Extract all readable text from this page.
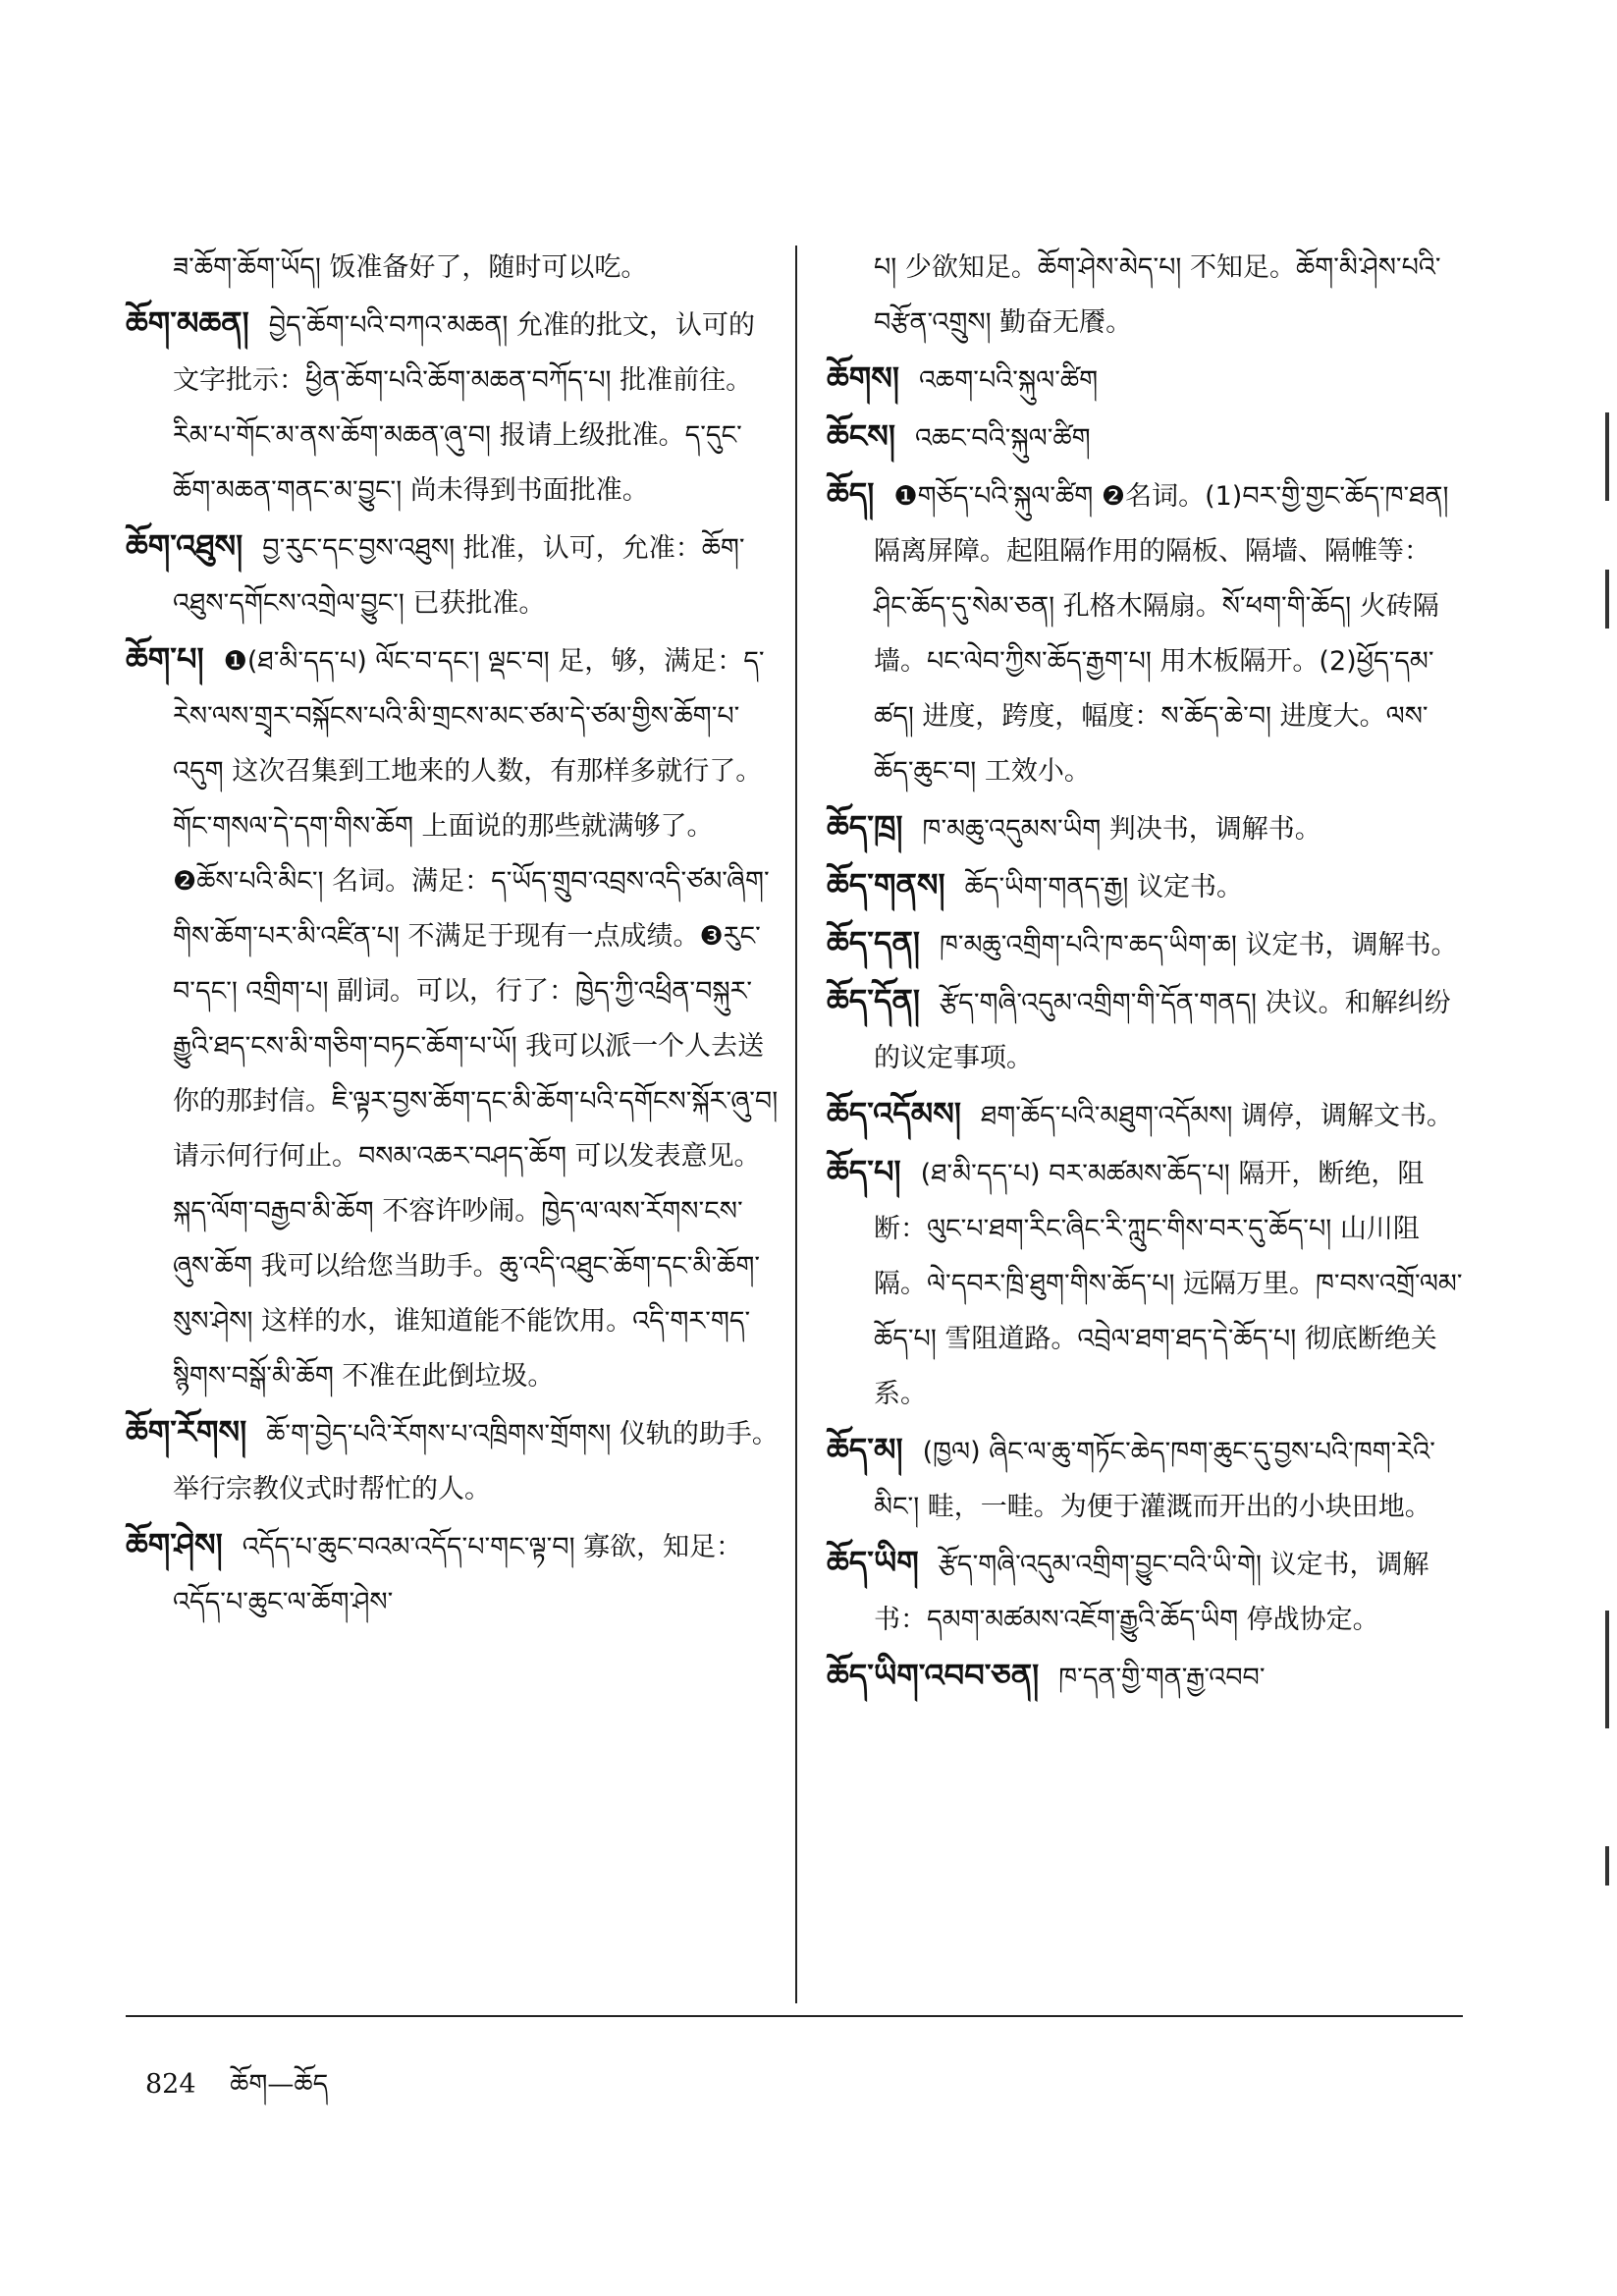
ཟ་ཆོག་ཆོག་ཡོད། 饭准备好了，随时可以吃。

ཆོག་མཆན། བྱེད་ཆོག་པའི་བཀའ་མཆན། 允准的批文，认可的文字批示：ཕྱིན་ཆོག་པའི་ཆོག་མཆན་བཀོད་པ། 批准前往。རིམ་པ་གོང་མ་ནས་ཆོག་མཆན་ཞུ་བ། 报请上级批准。ད་དུང་ཆོག་མཆན་གནང་མ་བྱུང་། 尚未得到书面批准。

ཆོག་འཐུས། བྱ་རུང་དང་བྱས་འཐུས། 批准，认可，允准：ཆོག་འཐུས་དགོངས་འགྲེལ་བྱུང་། 已获批准。

ཆོག་པ། ❶(ཐ་མི་དད་པ) ལོང་བ་དང་། ལྡང་བ། 足，够，满足：ད་རེས་ལས་གྲྭར་བསྐོངས་པའི་མི་གྲངས་མང་ཙམ་དེ་ཙམ་གྱིས་ཆོག་པ་འདུག 这次召集到工地来的人数，有那样多就行了。གོང་གསལ་དེ་དག་གིས་ཆོག 上面说的那些就满够了。❷ཆོས་པའི་མིང་། 名词。满足：ད་ཡོད་གྲུབ་འབྲས་འདི་ཙམ་ཞིག་གིས་ཆོག་པར་མི་འཛིན་པ། 不满足于现有一点成绩。❸རུང་བ་དང་། འགྲིག་པ། 副词。可以，行了：ཁྱེད་ཀྱི་འཕྲིན་བསྐུར་རྒྱུའི་ཐད་ངས་མི་གཅིག་བཏང་ཆོག་པ་ཡོ། 我可以派一个人去送你的那封信。ཇི་ལྟར་བྱས་ཆོག་དང་མི་ཆོག་པའི་དགོངས་སྐོར་ཞུ་བ། 请示何行何止。བསམ་འཆར་བཤད་ཆོག 可以发表意见。སྐད་ལོག་བརྒྱབ་མི་ཆོག 不容许吵闹。ཁྱེད་ལ་ལས་རོགས་ངས་ཞུས་ཆོག 我可以给您当助手。ཆུ་འདི་འཐུང་ཆོག་དང་མི་ཆོག་སུས་ཤེས། 这样的水，谁知道能不能饮用。འདི་གར་གད་སྙིགས་བསྒོ་མི་ཆོག 不准在此倒垃圾。

ཆོག་རོགས། ཆོ་ག་བྱེད་པའི་རོགས་པ་འཁྲིགས་གྲོགས། 仪轨的助手。举行宗教仪式时帮忙的人。

ཆོག་ཤེས། འདོད་པ་ཆུང་བའམ་འདོད་པ་གང་ལྟ་བ། 寡欲，知足：འདོད་པ་ཆུང་ལ་ཆོག་ཤེས་

པ། 少欲知足。ཆོག་ཤེས་མེད་པ། 不知足。ཆོག་མི་ཤེས་པའི་བརྩོན་འགྲུས། 勤奋无餍。

ཆོགས། འཆག་པའི་སྐུལ་ཚིག

ཆོངས། འཆང་བའི་སྐུལ་ཚིག

ཆོད། ❶གཅོད་པའི་སྐུལ་ཚིག ❷名词。(1)བར་གྱི་གྱང་ཆོད་ཁ་ཐན། 隔离屏障。起阻隔作用的隔板、隔墙、隔帷等：ཤིང་ཆོད་དུ་སེམ་ཅན། 孔格木隔扇。སོ་ཕག་གི་ཆོད། 火砖隔墙。པང་ལེབ་ཀྱིས་ཆོད་རྒྱག་པ། 用木板隔开。(2)ཕྱོད་དམ་ཚད། 进度，跨度，幅度：ས་ཆོད་ཆེ་བ། 进度大。ལས་ཆོད་ཆུང་བ། 工效小。

ཆོད་ཁྲ། ཁ་མཆུ་འདུམས་ཡིག 判决书，调解书。

ཆོད་གནས། ཆོད་ཡིག་གནད་རྒྱ། 议定书。

ཆོད་དན། ཁ་མཆུ་འགྲིག་པའི་ཁ་ཆད་ཡིག་ཆ། 议定书，调解书。

ཆོད་དོན། རྩོད་གཞི་འདུམ་འགྲིག་གི་དོན་གནད། 决议。和解纠纷的议定事项。

ཆོད་འདོམས། ཐག་ཆོད་པའི་མཐུག་འདོམས། 调停，调解文书。

ཆོད་པ། (ཐ་མི་དད་པ) བར་མཚམས་ཆོད་པ། 隔开，断绝，阻断：ལུང་པ་ཐག་རིང་ཞིང་རི་ཀླུང་གིས་བར་དུ་ཆོད་པ། 山川阻隔。ལེ་དབར་ཁྲི་ཐུག་གིས་ཆོད་པ། 远隔万里。ཁ་བས་འགྲོ་ལམ་ཆོད་པ། 雪阻道路。འབྲེལ་ཐག་ཐད་དེ་ཆོད་པ། 彻底断绝关系。

ཆོད་མ། (ཁྱལ) ཞིང་ལ་ཆུ་གཏོང་ཆེད་ཁག་ཆུང་དུ་བྱས་པའི་ཁག་རེའི་མིང་། 畦，一畦。为便于灌溉而开出的小块田地。

ཆོད་ཡིག རྩོད་གཞི་འདུམ་འགྲིག་བྱུང་བའི་ཡི་གེ། 议定书，调解书：དམག་མཚམས་འཇོག་རྒྱུའི་ཆོད་ཡིག 停战协定。

ཆོད་ཡིག་འབབ་ཅན། ཁ་དན་གྱི་གན་རྒྱ་འབབ་

824 ཆོག—ཆོད
